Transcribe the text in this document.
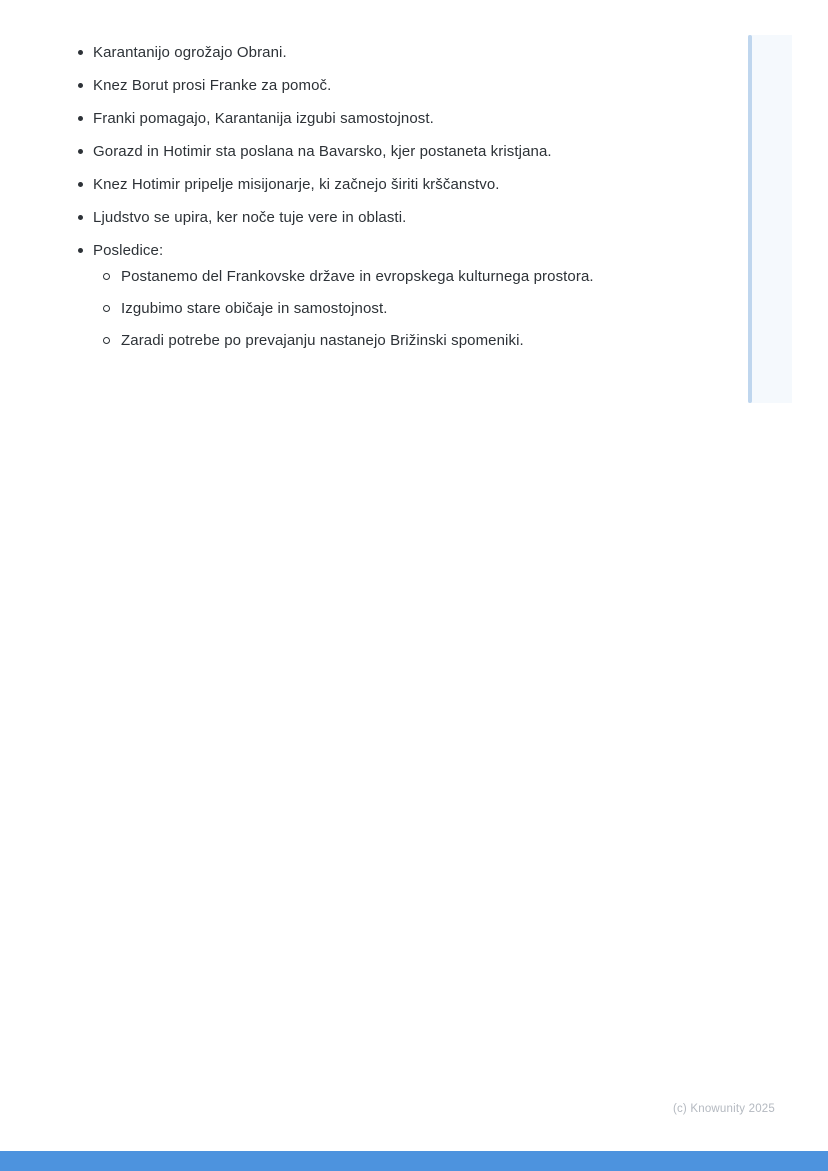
Karantanijo ogrožajo Obrani.
Knez Borut prosi Franke za pomoč.
Franki pomagajo, Karantanija izgubi samostojnost.
Gorazd in Hotimir sta poslana na Bavarsko, kjer postaneta kristjana.
Knez Hotimir pripelje misijonarje, ki začnejo širiti krščanstvo.
Ljudstvo se upira, ker noče tuje vere in oblasti.
Posledice:
Postanemo del Frankovske države in evropskega kulturnega prostora.
Izgubimo stare običaje in samostojnost.
Zaradi potrebe po prevajanju nastanejo Brižinski spomeniki.
(c) Knowunity 2025
